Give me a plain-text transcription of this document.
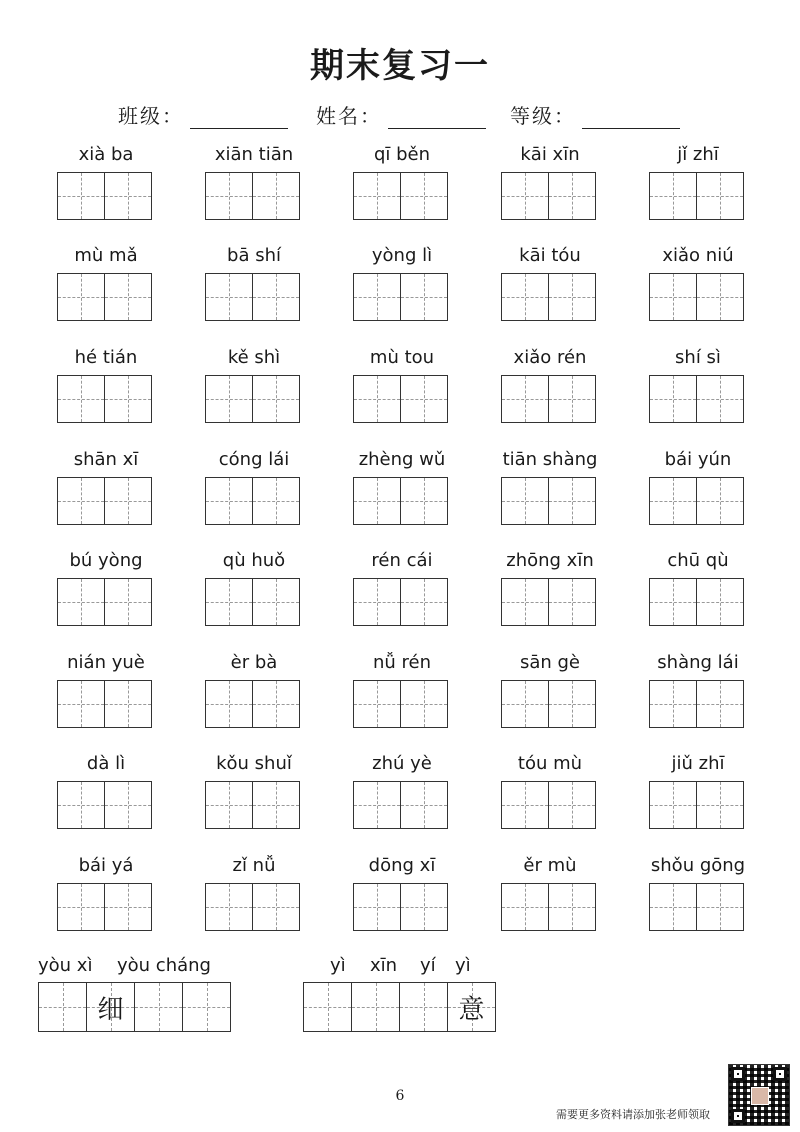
期末复习一
班级：	姓名：	等级：
xià ba	xiān tiān	qī běn	kāi xīn	jǐ zhī
mù mǎ	bā shí	yòng lì	kāi tóu	xiǎo niú
hé tián	kě shì	mù tou	xiǎo rén	shí sì
shān xī	cóng lái	zhèng wǔ	tiān shàng	bái yún
bú yòng	qù huǒ	rén cái	zhōng xīn	chū qù
nián yuè	èr bà	nǚ rén	sān gè	shàng lái
dà lì	kǒu shuǐ	zhú yè	tóu mù	jiǔ zhī
bái yá	zǐ nǚ	dōng xī	ěr mù	shǒu gōng
yòu xì yòu cháng
细
yì xīn yí yì
意
6
需要更多资料请添加张老师领取
